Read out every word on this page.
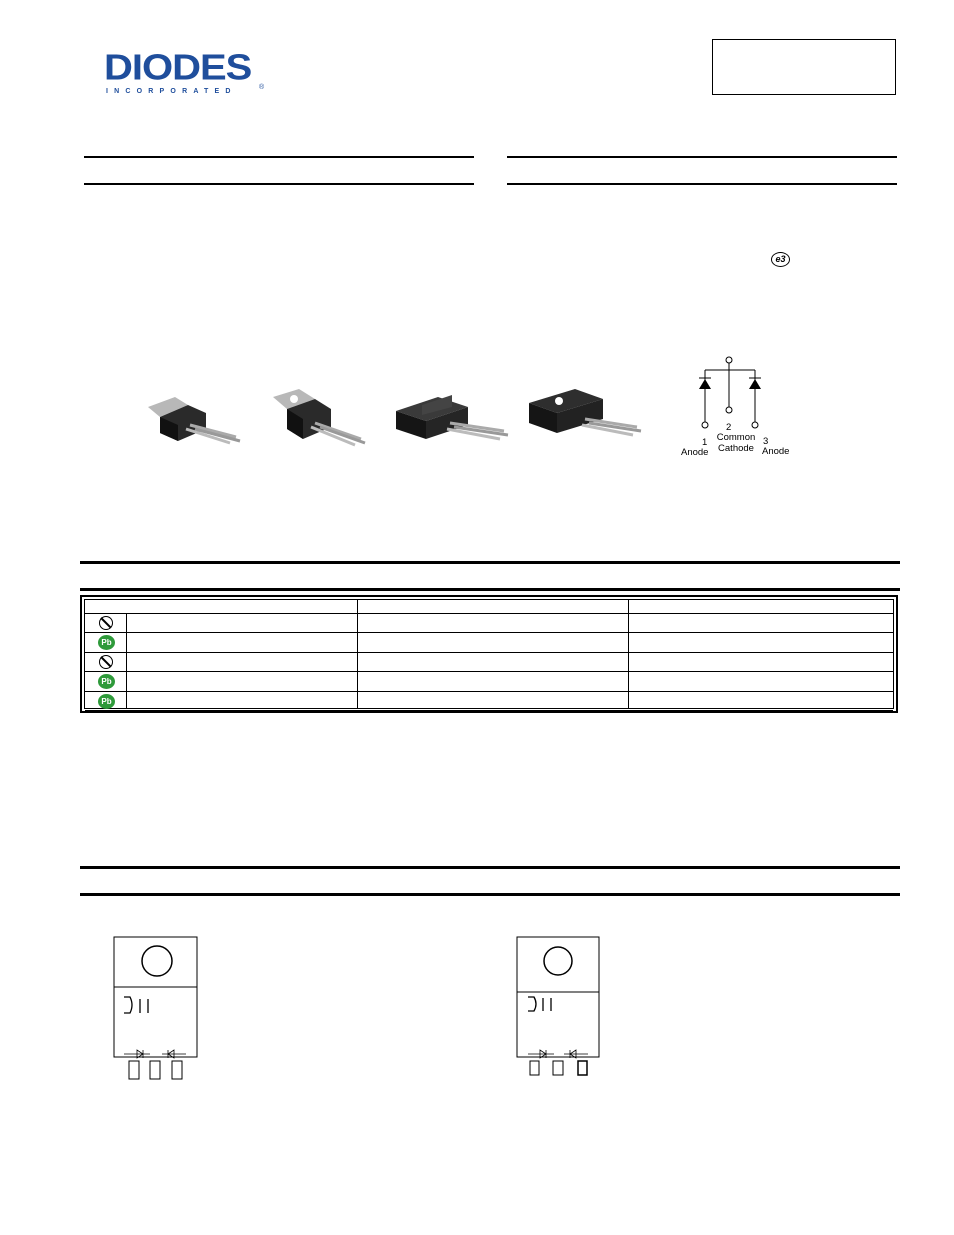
DIODES
INCORPORATED
®
e3
1
Anode
2
Common Cathode
3
Anode
Pb
Pb
Pb
